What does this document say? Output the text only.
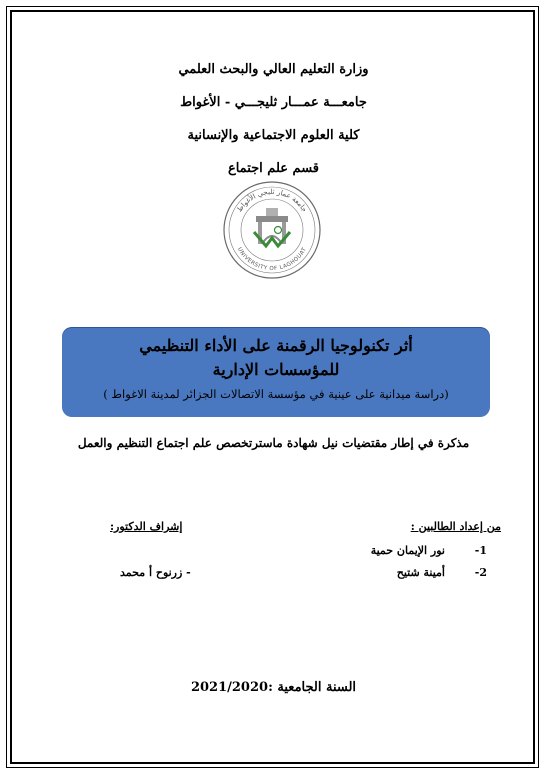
وزارة التعليم العالي والبحث العلمي
جامعـــة عمـــار ثليجـــي - الأغواط
كلية العلوم الاجتماعية والإنسانية
قسم علم اجتماع
جامعة عمار ثليجي الأغواط
UNIVERSITY OF LAGHOUAT
أثر تكنولوجيا الرقمنة على الأداء التنظيمي
للمؤسسات الإدارية
(دراسة ميدانية على عينية في مؤسسة الاتصالات الجزائر لمدينة الاغواط )
مذكرة في إطار مقتضيات نيل شهادة ماسترتخصص علم اجتماع التنظيم والعمل
من إعداد الطالبين :
إشراف الدكتور:
1-
نور الإيمان حمية
2-
أمينة شتيح
- زرنوح أ محمد
السنة الجامعية :2021/2020
